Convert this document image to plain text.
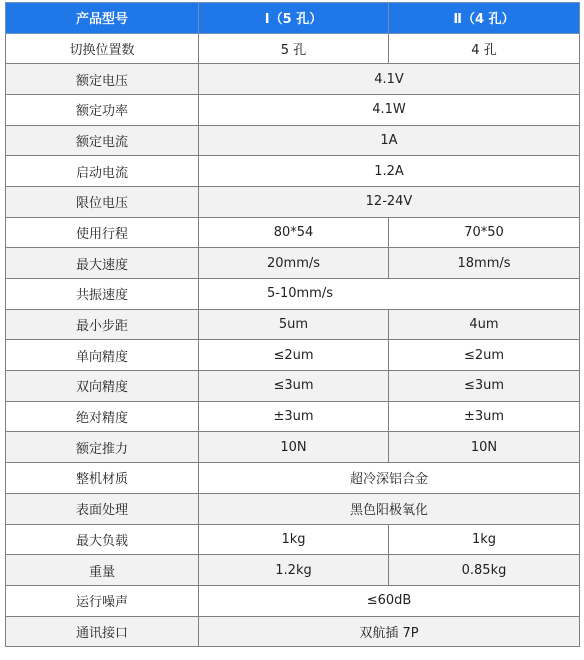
产品型号	Ⅰ（5 孔）	Ⅱ（4 孔）
切换位置数	5 孔	4 孔
额定电压	4.1V	
额定功率	4.1W	
额定电流	1A	
启动电流	1.2A	
限位电压	12-24V	
使用行程	80*54	70*50
最大速度	20mm/s	18mm/s
共振速度	5-10mm/s	
最小步距	5um	4um
单向精度	≤2um	≤2um
双向精度	≤3um	≤3um
绝对精度	±3um	±3um
额定推力	10N	10N
整机材质	超冷深铝合金	
表面处理	黑色阳极氧化	
最大负载	1kg	1kg
重量	1.2kg	0.85kg
运行噪声	≤60dB	
通讯接口	双航插 7P	
